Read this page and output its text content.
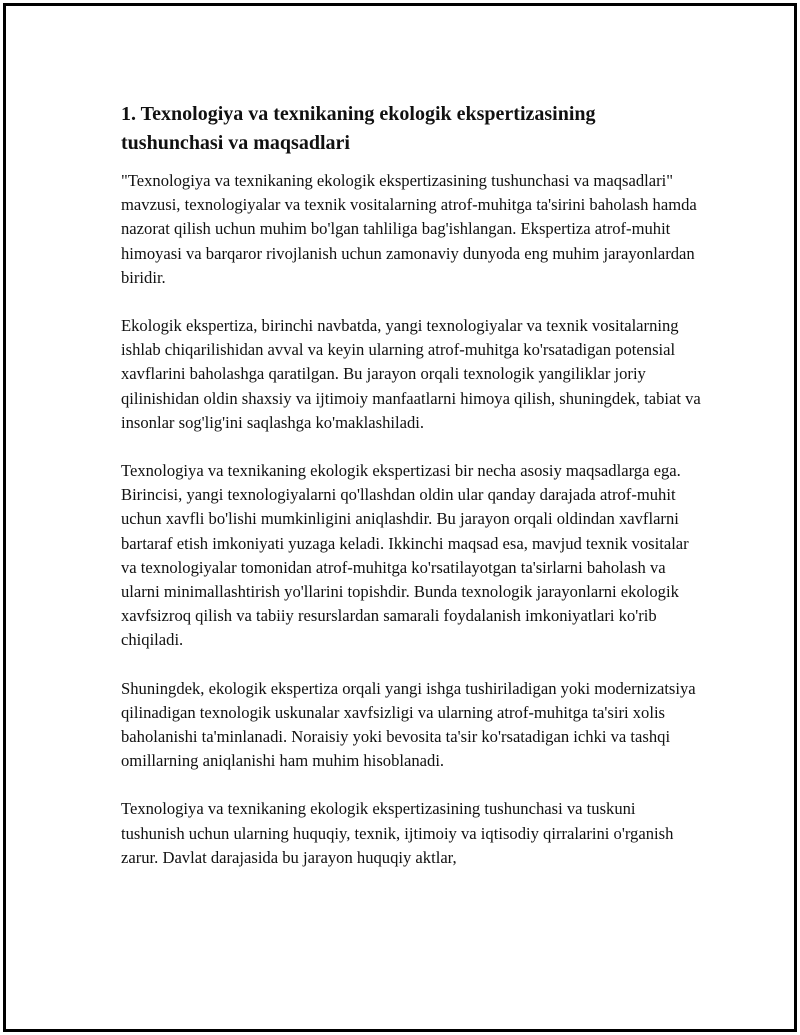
1. Texnologiya va texnikaning ekologik ekspertizasining tushunchasi va maqsadlari

"Texnologiya va texnikaning ekologik ekspertizasining tushunchasi va maqsadlari" mavzusi, texnologiyalar va texnik vositalarning atrof-muhitga ta'sirini baholash hamda nazorat qilish uchun muhim bo'lgan tahliliga bag'ishlangan. Ekspertiza atrof-muhit himoyasi va barqaror rivojlanish uchun zamonaviy dunyoda eng muhim jarayonlardan biridir.

Ekologik ekspertiza, birinchi navbatda, yangi texnologiyalar va texnik vositalarning ishlab chiqarilishidan avval va keyin ularning atrof-muhitga ko'rsatadigan potensial xavflarini baholashga qaratilgan. Bu jarayon orqali texnologik yangiliklar joriy qilinishidan oldin shaxsiy va ijtimoiy manfaatlarni himoya qilish, shuningdek, tabiat va insonlar sog'lig'ini saqlashga ko'maklashiladi.

Texnologiya va texnikaning ekologik ekspertizasi bir necha asosiy maqsadlarga ega. Birincisi, yangi texnologiyalarni qo'llashdan oldin ular qanday darajada atrof-muhit uchun xavfli bo'lishi mumkinligini aniqlashdir. Bu jarayon orqali oldindan xavflarni bartaraf etish imkoniyati yuzaga keladi. Ikkinchi maqsad esa, mavjud texnik vositalar va texnologiyalar tomonidan atrof-muhitga ko'rsatilayotgan ta'sirlarni baholash va ularni minimallashtirish yo'llarini topishdir. Bunda texnologik jarayonlarni ekologik xavfsizroq qilish va tabiiy resurslardan samarali foydalanish imkoniyatlari ko'rib chiqiladi.

Shuningdek, ekologik ekspertiza orqali yangi ishga tushiriladigan yoki modernizatsiya qilinadigan texnologik uskunalar xavfsizligi va ularning atrof-muhitga ta'siri xolis baholanishi ta'minlanadi. Noraisiy yoki bevosita ta'sir ko'rsatadigan ichki va tashqi omillarning aniqlanishi ham muhim hisoblanadi.

Texnologiya va texnikaning ekologik ekspertizasining tushunchasi va tuskuni tushunish uchun ularning huquqiy, texnik, ijtimoiy va iqtisodiy qirralarini o'rganish zarur. Davlat darajasida bu jarayon huquqiy aktlar,
